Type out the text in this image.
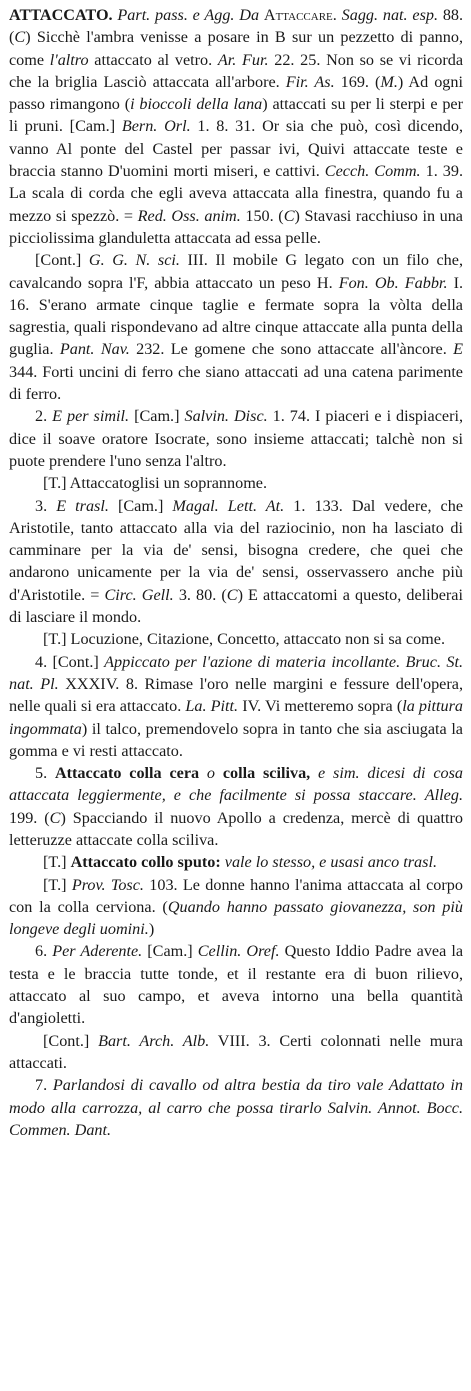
ATTACCATO. Part. pass. e Agg. Da Attaccare. Sagg. nat. esp. 88. (C) Sicchè l'ambra venisse a posare in B sur un pezzetto di panno, come l'altro attaccato al vetro. Ar. Fur. 22. 25. Non so se vi ricorda che la briglia Lasciò attaccata all'arbore. Fir. As. 169. (M.) Ad ogni passo rimangono (i bioccoli della lana) attaccati su per li sterpi e per li pruni. [Cam.] Bern. Orl. 1. 8. 31. Or sia che può, così dicendo, vanno Al ponte del Castel per passar ivi, Quivi attaccate teste e braccia stanno D'uomini morti miseri, e cattivi. Cecch. Comm. 1. 39. La scala di corda che egli aveva attaccata alla finestra, quando fu a mezzo si spezzò. = Red. Oss. anim. 150. (C) Stavasi racchiuso in una picciolissima glanduletta attaccata ad essa pelle.

[Cont.] G. G. N. sci. III. Il mobile G legato con un filo che, cavalcando sopra l'F, abbia attaccato un peso H. Fon. Ob. Fabbr. I. 16. S'erano armate cinque taglie e fermate sopra la vòlta della sagrestia, quali rispondevano ad altre cinque attaccate alla punta della guglia. Pant. Nav. 232. Le gomene che sono attaccate all'àncore. E 344. Forti uncini di ferro che siano attaccati ad una catena parimente di ferro.

2. E per simil. [Cam.] Salvin. Disc. 1. 74. I piaceri e i dispiaceri, dice il soave oratore Isocrate, sono insieme attaccati; talchè non si puote prendere l'uno senza l'altro.

[T.] Attaccatoglisi un soprannome.

3. E trasl. [Cam.] Magal. Lett. At. 1. 133. Dal vedere, che Aristotile, tanto attaccato alla via del raziocinio, non ha lasciato di camminare per la via de' sensi, bisogna credere, che quei che andarono unicamente per la via de' sensi, osservassero anche più d'Aristotile. = Circ. Gell. 3. 80. (C) E attaccatomi a questo, deliberai di lasciare il mondo.

[T.] Locuzione, Citazione, Concetto, attaccato non si sa come.

4. [Cont.] Appiccato per l'azione di materia incollante. Bruc. St. nat. Pl. XXXIV. 8. Rimase l'oro nelle margini e fessure dell'opera, nelle quali si era attaccato. La. Pitt. IV. Vi metteremo sopra (la pittura ingommata) il talco, premendovelo sopra in tanto che sia asciugata la gomma e vi resti attaccato.

5. Attaccato colla cera o colla sciliva, e sim. dicesi di cosa attaccata leggiermente, e che facilmente si possa staccare. Alleg. 199. (C) Spacciando il nuovo Apollo a credenza, mercè di quattro letteruzze attaccate colla sciliva.

[T.] Attaccato collo sputo: vale lo stesso, e usasi anco trasl.

[T.] Prov. Tosc. 103. Le donne hanno l'anima attaccata al corpo con la colla cerviona. (Quando hanno passato giovanezza, son più longeve degli uomini.)

6. Per Aderente. [Cam.] Cellin. Oref. Questo Iddio Padre avea la testa e le braccia tutte tonde, et il restante era di buon rilievo, attaccato al suo campo, et aveva intorno una bella quantità d'angioletti.

[Cont.] Bart. Arch. Alb. VIII. 3. Certi colonnati nelle mura attaccati.

7. Parlandosi di cavallo od altra bestia da tiro vale Adattato in modo alla carrozza, al carro che possa tirarlo Salvin. Annot. Bocc. Commen. Dant.
